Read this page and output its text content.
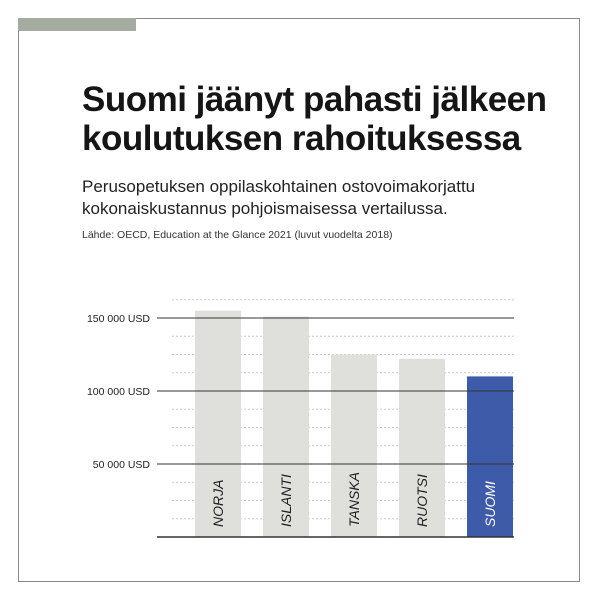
Suomi jäänyt pahasti jälkeen
koulutuksen rahoituksessa

Perusopetuksen oppilaskohtainen ostovoimakorjattu
kokonaiskustannus pohjoismaisessa vertailussa.

Lähde: OECD, Education at the Glance 2021 (luvut vuodelta 2018)
NORJA	ISLANTI	TANSKA	RUOTSI	SUOMI
50 000 USD
100 000 USD
150 000 USD
